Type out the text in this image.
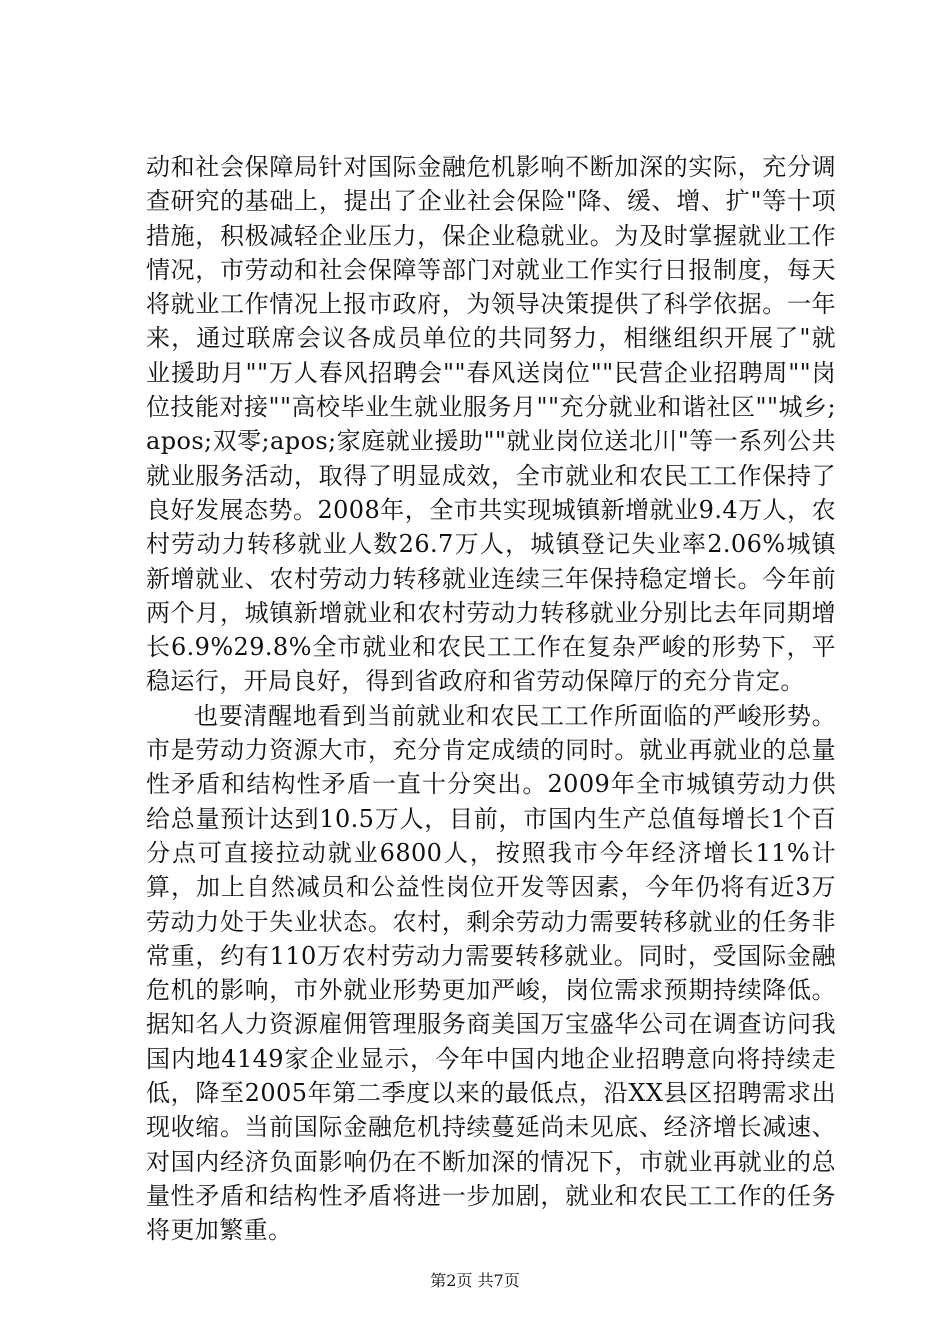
动和社会保障局针对国际金融危机影响不断加深的实际，充分调查研究的基础上，提出了企业社会保险"降、缓、增、扩"等十项措施，积极减轻企业压力，保企业稳就业。为及时掌握就业工作情况，市劳动和社会保障等部门对就业工作实行日报制度，每天将就业工作情况上报市政府，为领导决策提供了科学依据。一年来，通过联席会议各成员单位的共同努力，相继组织开展了"就业援助月""万人春风招聘会""春风送岗位""民营企业招聘周""岗位技能对接""高校毕业生就业服务月""充分就业和谐社区""城乡;apos;双零;apos;家庭就业援助""就业岗位送北川"等一系列公共就业服务活动，取得了明显成效，全市就业和农民工工作保持了良好发展态势。2008年，全市共实现城镇新增就业9.4万人，农村劳动力转移就业人数26.7万人，城镇登记失业率2.06%城镇新增就业、农村劳动力转移就业连续三年保持稳定增长。今年前两个月，城镇新增就业和农村劳动力转移就业分别比去年同期增长6.9%29.8%全市就业和农民工工作在复杂严峻的形势下，平稳运行，开局良好，得到省政府和省劳动保障厅的充分肯定。

也要清醒地看到当前就业和农民工工作所面临的严峻形势。市是劳动力资源大市，充分肯定成绩的同时。就业再就业的总量性矛盾和结构性矛盾一直十分突出。2009年全市城镇劳动力供给总量预计达到10.5万人，目前，市国内生产总值每增长1个百分点可直接拉动就业6800人，按照我市今年经济增长11%计算，加上自然减员和公益性岗位开发等因素，今年仍将有近3万劳动力处于失业状态。农村，剩余劳动力需要转移就业的任务非常重，约有110万农村劳动力需要转移就业。同时，受国际金融危机的影响，市外就业形势更加严峻，岗位需求预期持续降低。据知名人力资源雇佣管理服务商美国万宝盛华公司在调查访问我国内地4149家企业显示，今年中国内地企业招聘意向将持续走低，降至2005年第二季度以来的最低点，沿XX县区招聘需求出现收缩。当前国际金融危机持续蔓延尚未见底、经济增长减速、对国内经济负面影响仍在不断加深的情况下，市就业再就业的总量性矛盾和结构性矛盾将进一步加剧，就业和农民工工作的任务将更加繁重。

第2页 共7页
